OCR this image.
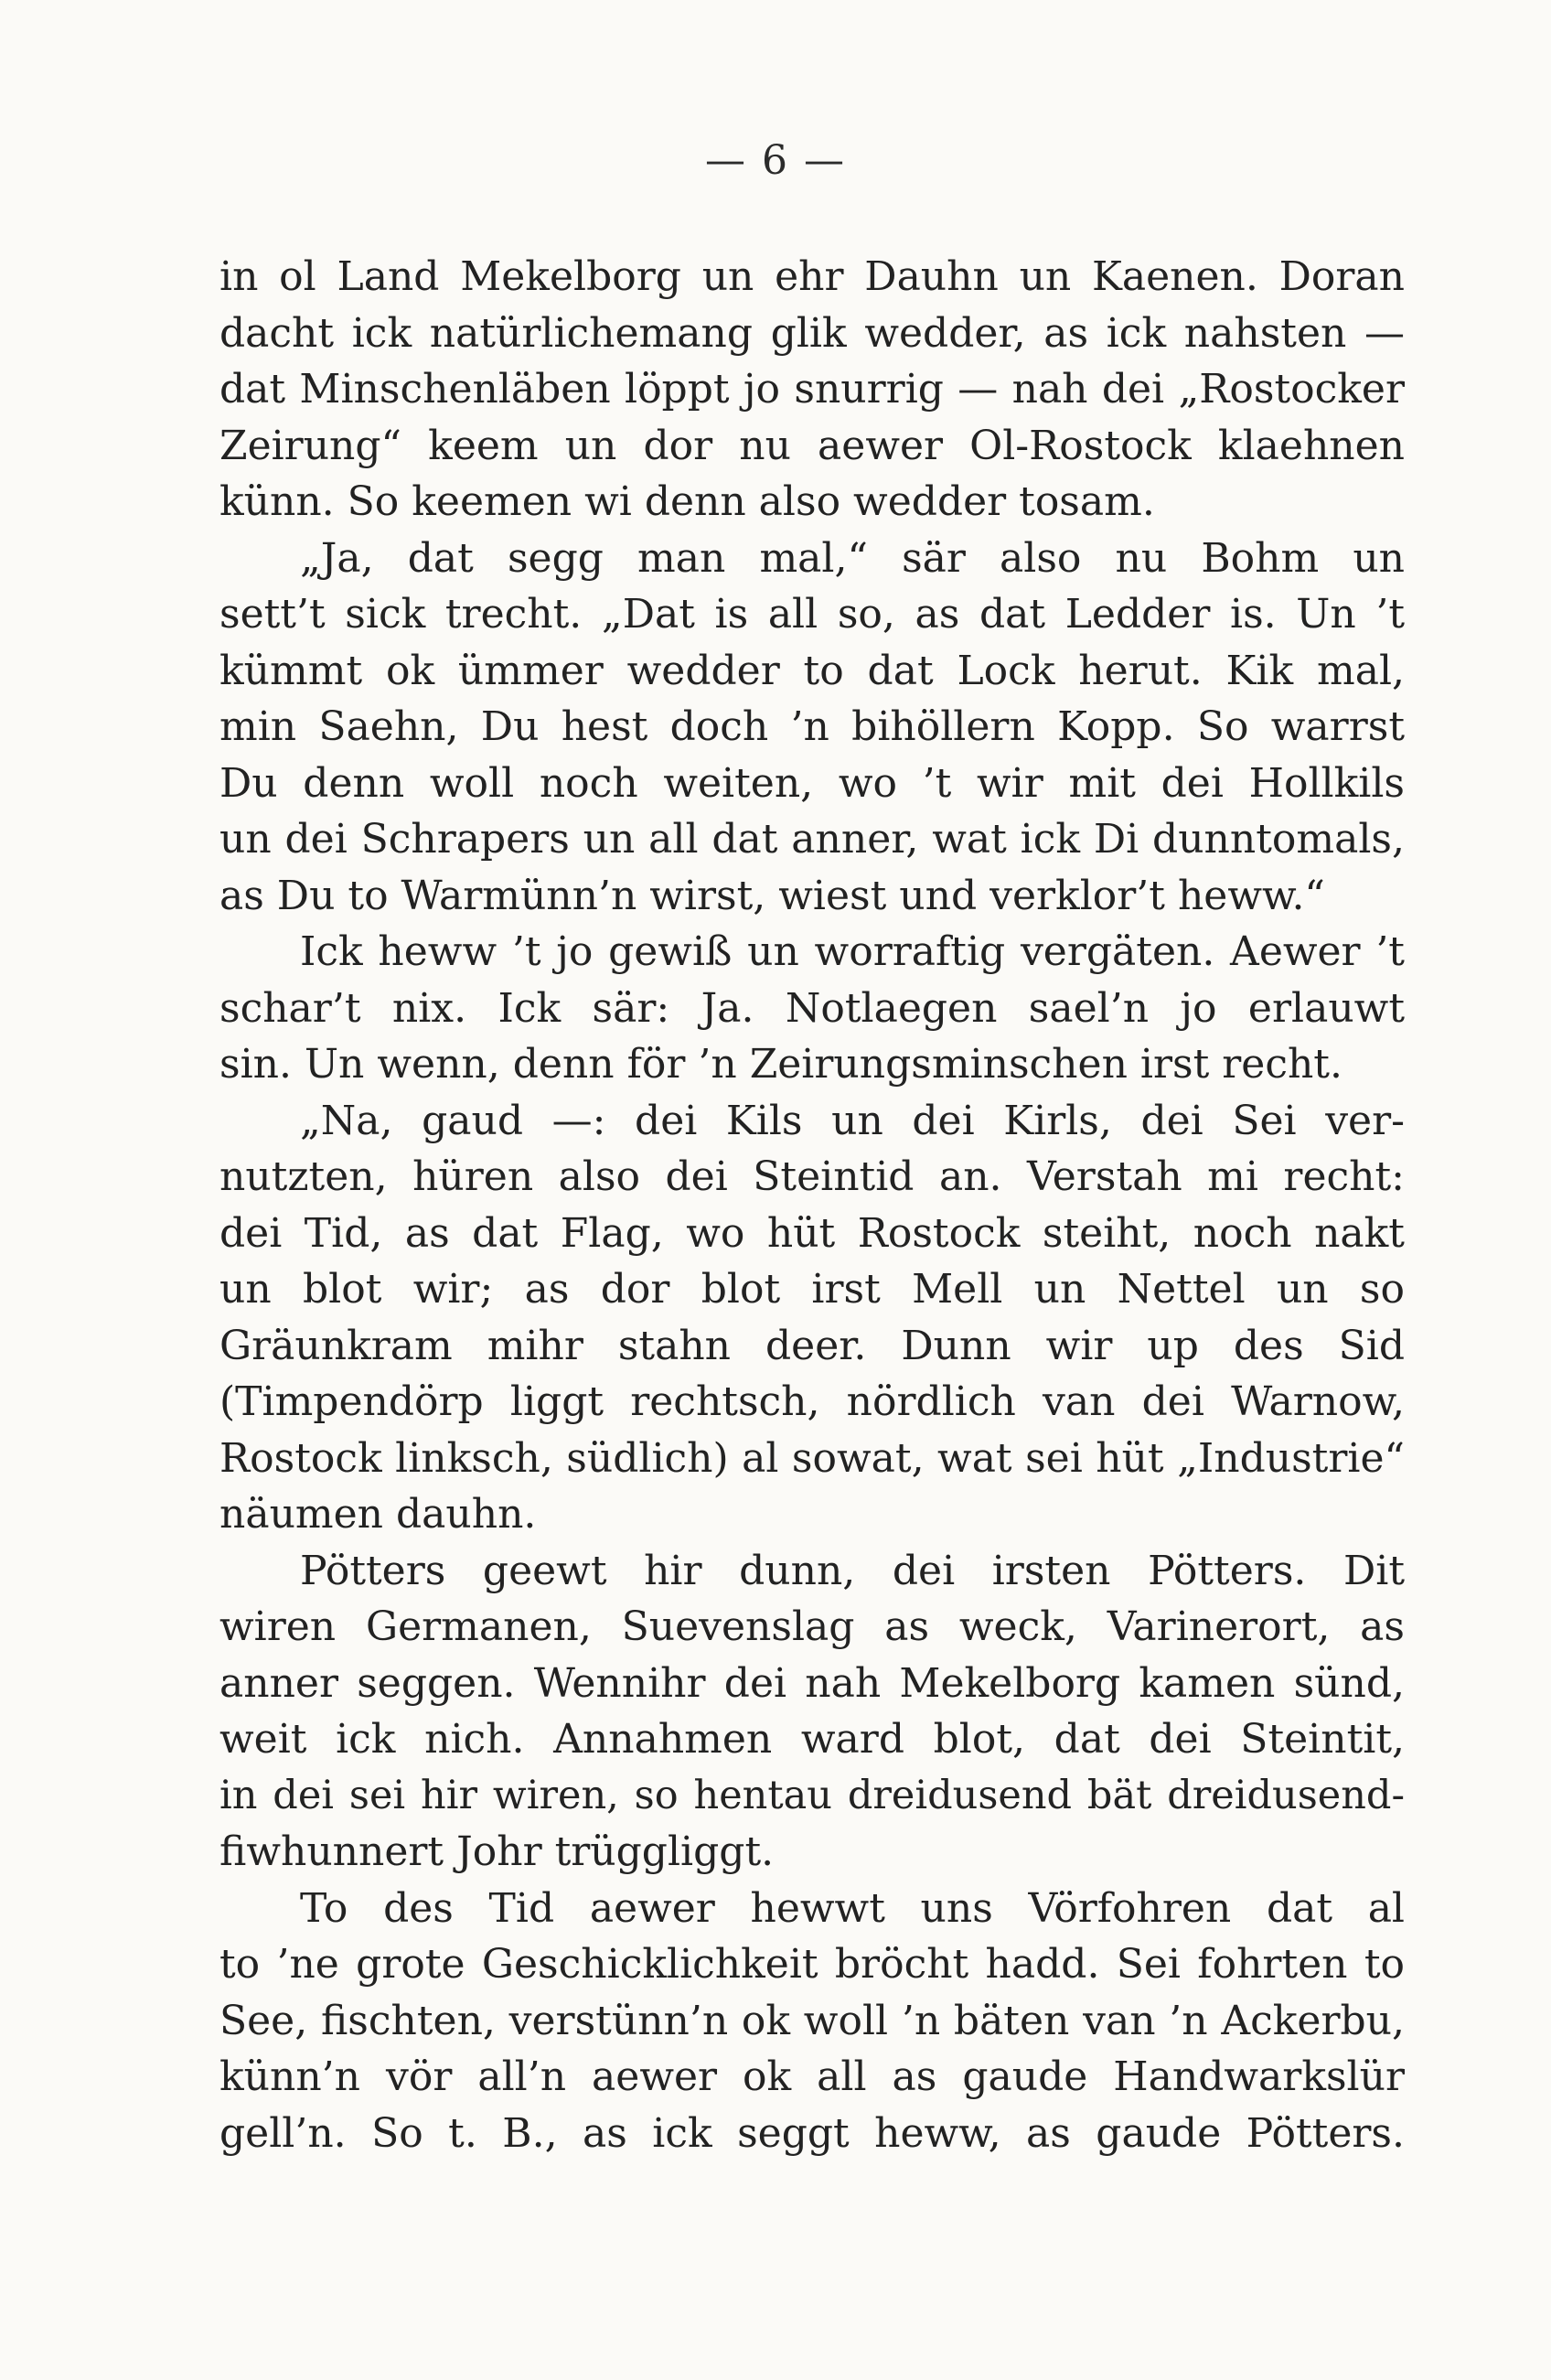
— 6 —
in ol Land Mekelborg un ehr Dauhn un Kaenen. Doran
dacht ick natürlichemang glik wedder, as ick nahsten —
dat Minschenläben löppt jo snurrig — nah dei „Rostocker
Zeirung“ keem un dor nu aewer Ol-Rostock klaehnen
künn. So keemen wi denn also wedder tosam.
„Ja, dat segg man mal,“ sär also nu Bohm un
sett’t sick trecht. „Dat is all so, as dat Ledder is. Un ’t
kümmt ok ümmer wedder to dat Lock herut. Kik mal,
min Saehn, Du hest doch ’n bihöllern Kopp. So warrst
Du denn woll noch weiten, wo ’t wir mit dei Hollkils
un dei Schrapers un all dat anner, wat ick Di dunntomals,
as Du to Warmünn’n wirst, wiest und verklor’t heww.“
Ick heww ’t jo gewiß un worraftig vergäten. Aewer ’t
schar’t nix. Ick sär: Ja. Notlaegen sael’n jo erlauwt
sin. Un wenn, denn för ’n Zeirungsminschen irst recht.
„Na, gaud —: dei Kils un dei Kirls, dei Sei ver-
nutzten, hüren also dei Steintid an. Verstah mi recht:
dei Tid, as dat Flag, wo hüt Rostock steiht, noch nakt
un blot wir; as dor blot irst Mell un Nettel un so
Gräunkram mihr stahn deer. Dunn wir up des Sid
(Timpendörp liggt rechtsch, nördlich van dei Warnow,
Rostock linksch, südlich) al sowat, wat sei hüt „Industrie“
näumen dauhn.
Pötters geewt hir dunn, dei irsten Pötters. Dit
wiren Germanen, Suevenslag as weck, Varinerort, as
anner seggen. Wennihr dei nah Mekelborg kamen sünd,
weit ick nich. Annahmen ward blot, dat dei Steintit,
in dei sei hir wiren, so hentau dreidusend bät dreidusend-
fiwhunnert Johr trüggliggt.
To des Tid aewer hewwt uns Vörfohren dat al
to ’ne grote Geschicklichkeit bröcht hadd. Sei fohrten to
See, fischten, verstünn’n ok woll ’n bäten van ’n Ackerbu,
künn’n vör all’n aewer ok all as gaude Handwarkslür
gell’n. So t. B., as ick seggt heww, as gaude Pötters.
